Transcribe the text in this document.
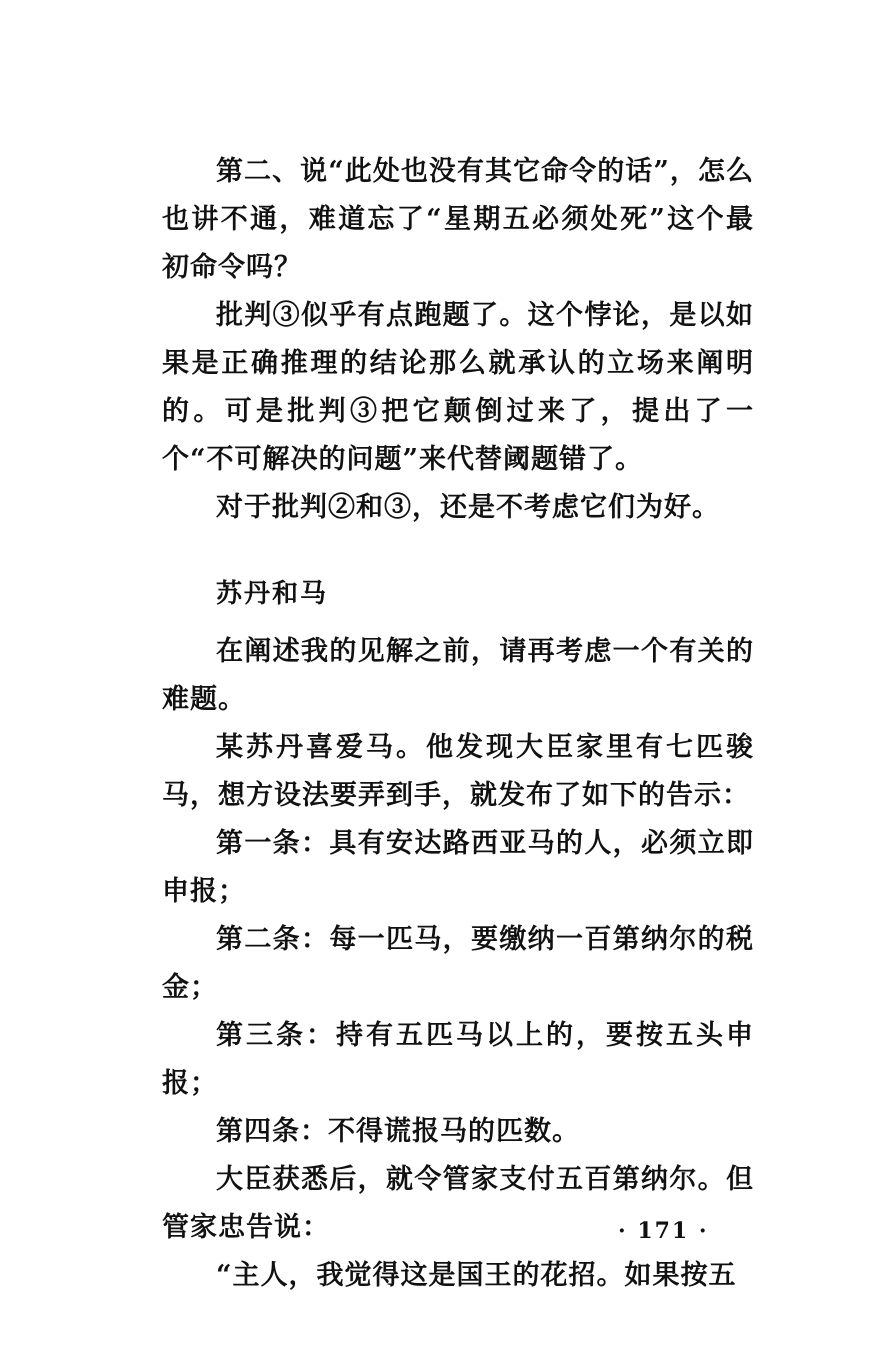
第二、说“此处也没有其它命令的话”，怎么也讲不通，难道忘了“星期五必须处死”这个最初命令吗？

批判③似乎有点跑题了。这个悖论，是以如果是正确推理的结论那么就承认的立场来阐明的。可是批判③把它颠倒过来了，提出了一个“不可解决的问题”来代替阈题错了。

对于批判②和③，还是不考虑它们为好。

苏丹和马

在阐述我的见解之前，请再考虑一个有关的难题。

某苏丹喜爱马。他发现大臣家里有七匹骏马，想方设法要弄到手，就发布了如下的告示：

第一条：具有安达路西亚马的人，必须立即申报；

第二条：每一匹马，要缴纳一百第纳尔的税金；

第三条：持有五匹马以上的，要按五头申报；

第四条：不得谎报马的匹数。

大臣获悉后，就令管家支付五百第纳尔。但管家忠告说：

“主人，我觉得这是国王的花招。如果按五

· 171 ·
